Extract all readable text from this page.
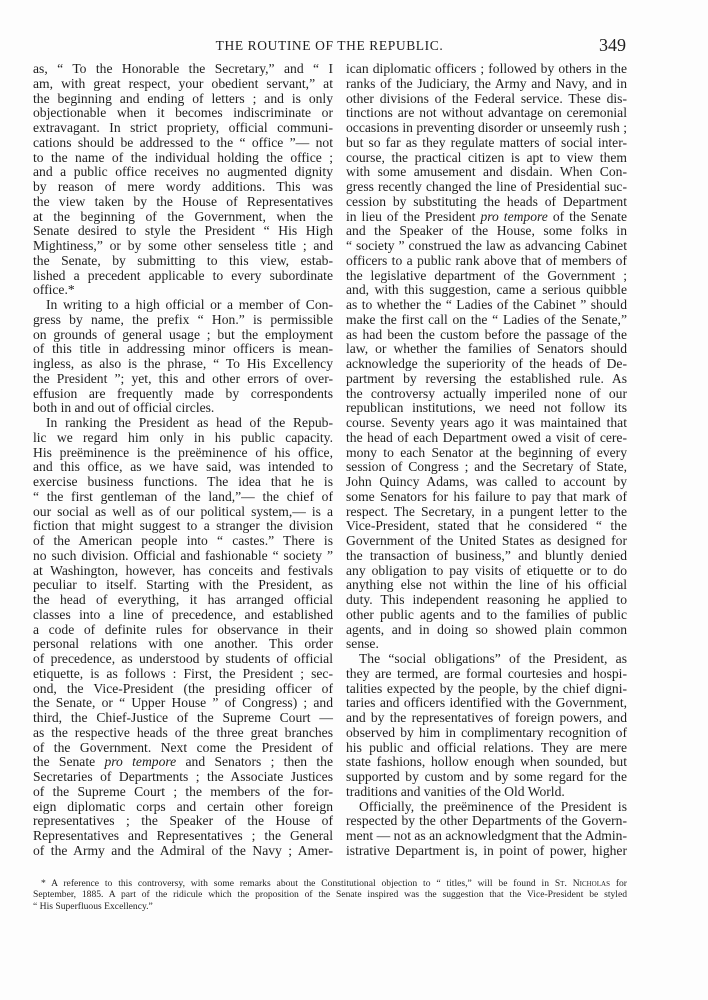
THE ROUTINE OF THE REPUBLIC.	349
as, “ To the Honorable the Secretary,” and “ I
am, with great respect, your obedient servant,” at
the beginning and ending of letters ; and is only
objectionable when it becomes indiscriminate or
extravagant. In strict propriety, official communi-
cations should be addressed to the “ office ”— not
to the name of the individual holding the office ;
and a public office receives no augmented dignity
by reason of mere wordy additions. This was
the view taken by the House of Representatives
at the beginning of the Government, when the
Senate desired to style the President “ His High
Mightiness,” or by some other senseless title ; and
the Senate, by submitting to this view, estab-
lished a precedent applicable to every subordinate
office.*
In writing to a high official or a member of Con-
gress by name, the prefix “ Hon.” is permissible
on grounds of general usage ; but the employment
of this title in addressing minor officers is mean-
ingless, as also is the phrase, “ To His Excellency
the President ”; yet, this and other errors of over-
effusion are frequently made by correspondents
both in and out of official circles.
In ranking the President as head of the Repub-
lic we regard him only in his public capacity.
His preëminence is the preëminence of his office,
and this office, as we have said, was intended to
exercise business functions. The idea that he is
“ the first gentleman of the land,”— the chief of
our social as well as of our political system,— is a
fiction that might suggest to a stranger the division
of the American people into “ castes.” There is
no such division. Official and fashionable “ society ”
at Washington, however, has conceits and festivals
peculiar to itself. Starting with the President, as
the head of everything, it has arranged official
classes into a line of precedence, and established
a code of definite rules for observance in their
personal relations with one another. This order
of precedence, as understood by students of official
etiquette, is as follows : First, the President ; sec-
ond, the Vice-President (the presiding officer of
the Senate, or “ Upper House ” of Congress) ; and
third, the Chief-Justice of the Supreme Court —
as the respective heads of the three great branches
of the Government. Next come the President of
the Senate pro tempore and Senators ; then the
Secretaries of Departments ; the Associate Justices
of the Supreme Court ; the members of the for-
eign diplomatic corps and certain other foreign
representatives ; the Speaker of the House of
Representatives and Representatives ; the General
of the Army and the Admiral of the Navy ; Amer-
ican diplomatic officers ; followed by others in the
ranks of the Judiciary, the Army and Navy, and in
other divisions of the Federal service. These dis-
tinctions are not without advantage on ceremonial
occasions in preventing disorder or unseemly rush ;
but so far as they regulate matters of social inter-
course, the practical citizen is apt to view them
with some amusement and disdain. When Con-
gress recently changed the line of Presidential suc-
cession by substituting the heads of Department
in lieu of the President pro tempore of the Senate
and the Speaker of the House, some folks in
“ society ” construed the law as advancing Cabinet
officers to a public rank above that of members of
the legislative department of the Government ;
and, with this suggestion, came a serious quibble
as to whether the “ Ladies of the Cabinet ” should
make the first call on the “ Ladies of the Senate,”
as had been the custom before the passage of the
law, or whether the families of Senators should
acknowledge the superiority of the heads of De-
partment by reversing the established rule. As
the controversy actually imperiled none of our
republican institutions, we need not follow its
course. Seventy years ago it was maintained that
the head of each Department owed a visit of cere-
mony to each Senator at the beginning of every
session of Congress ; and the Secretary of State,
John Quincy Adams, was called to account by
some Senators for his failure to pay that mark of
respect. The Secretary, in a pungent letter to the
Vice-President, stated that he considered “ the
Government of the United States as designed for
the transaction of business,” and bluntly denied
any obligation to pay visits of etiquette or to do
anything else not within the line of his official
duty. This independent reasoning he applied to
other public agents and to the families of public
agents, and in doing so showed plain common
sense.
The “social obligations” of the President, as
they are termed, are formal courtesies and hospi-
talities expected by the people, by the chief digni-
taries and officers identified with the Government,
and by the representatives of foreign powers, and
observed by him in complimentary recognition of
his public and official relations. They are mere
state fashions, hollow enough when sounded, but
supported by custom and by some regard for the
traditions and vanities of the Old World.
Officially, the preëminence of the President is
respected by the other Departments of the Govern-
ment — not as an acknowledgment that the Admin-
istrative Department is, in point of power, higher
* A reference to this controversy, with some remarks about the Constitutional objection to “ titles,” will be found in St. Nicholas for
September, 1885. A part of the ridicule which the proposition of the Senate inspired was the suggestion that the Vice-President be styled
“ His Superfluous Excellency.”
